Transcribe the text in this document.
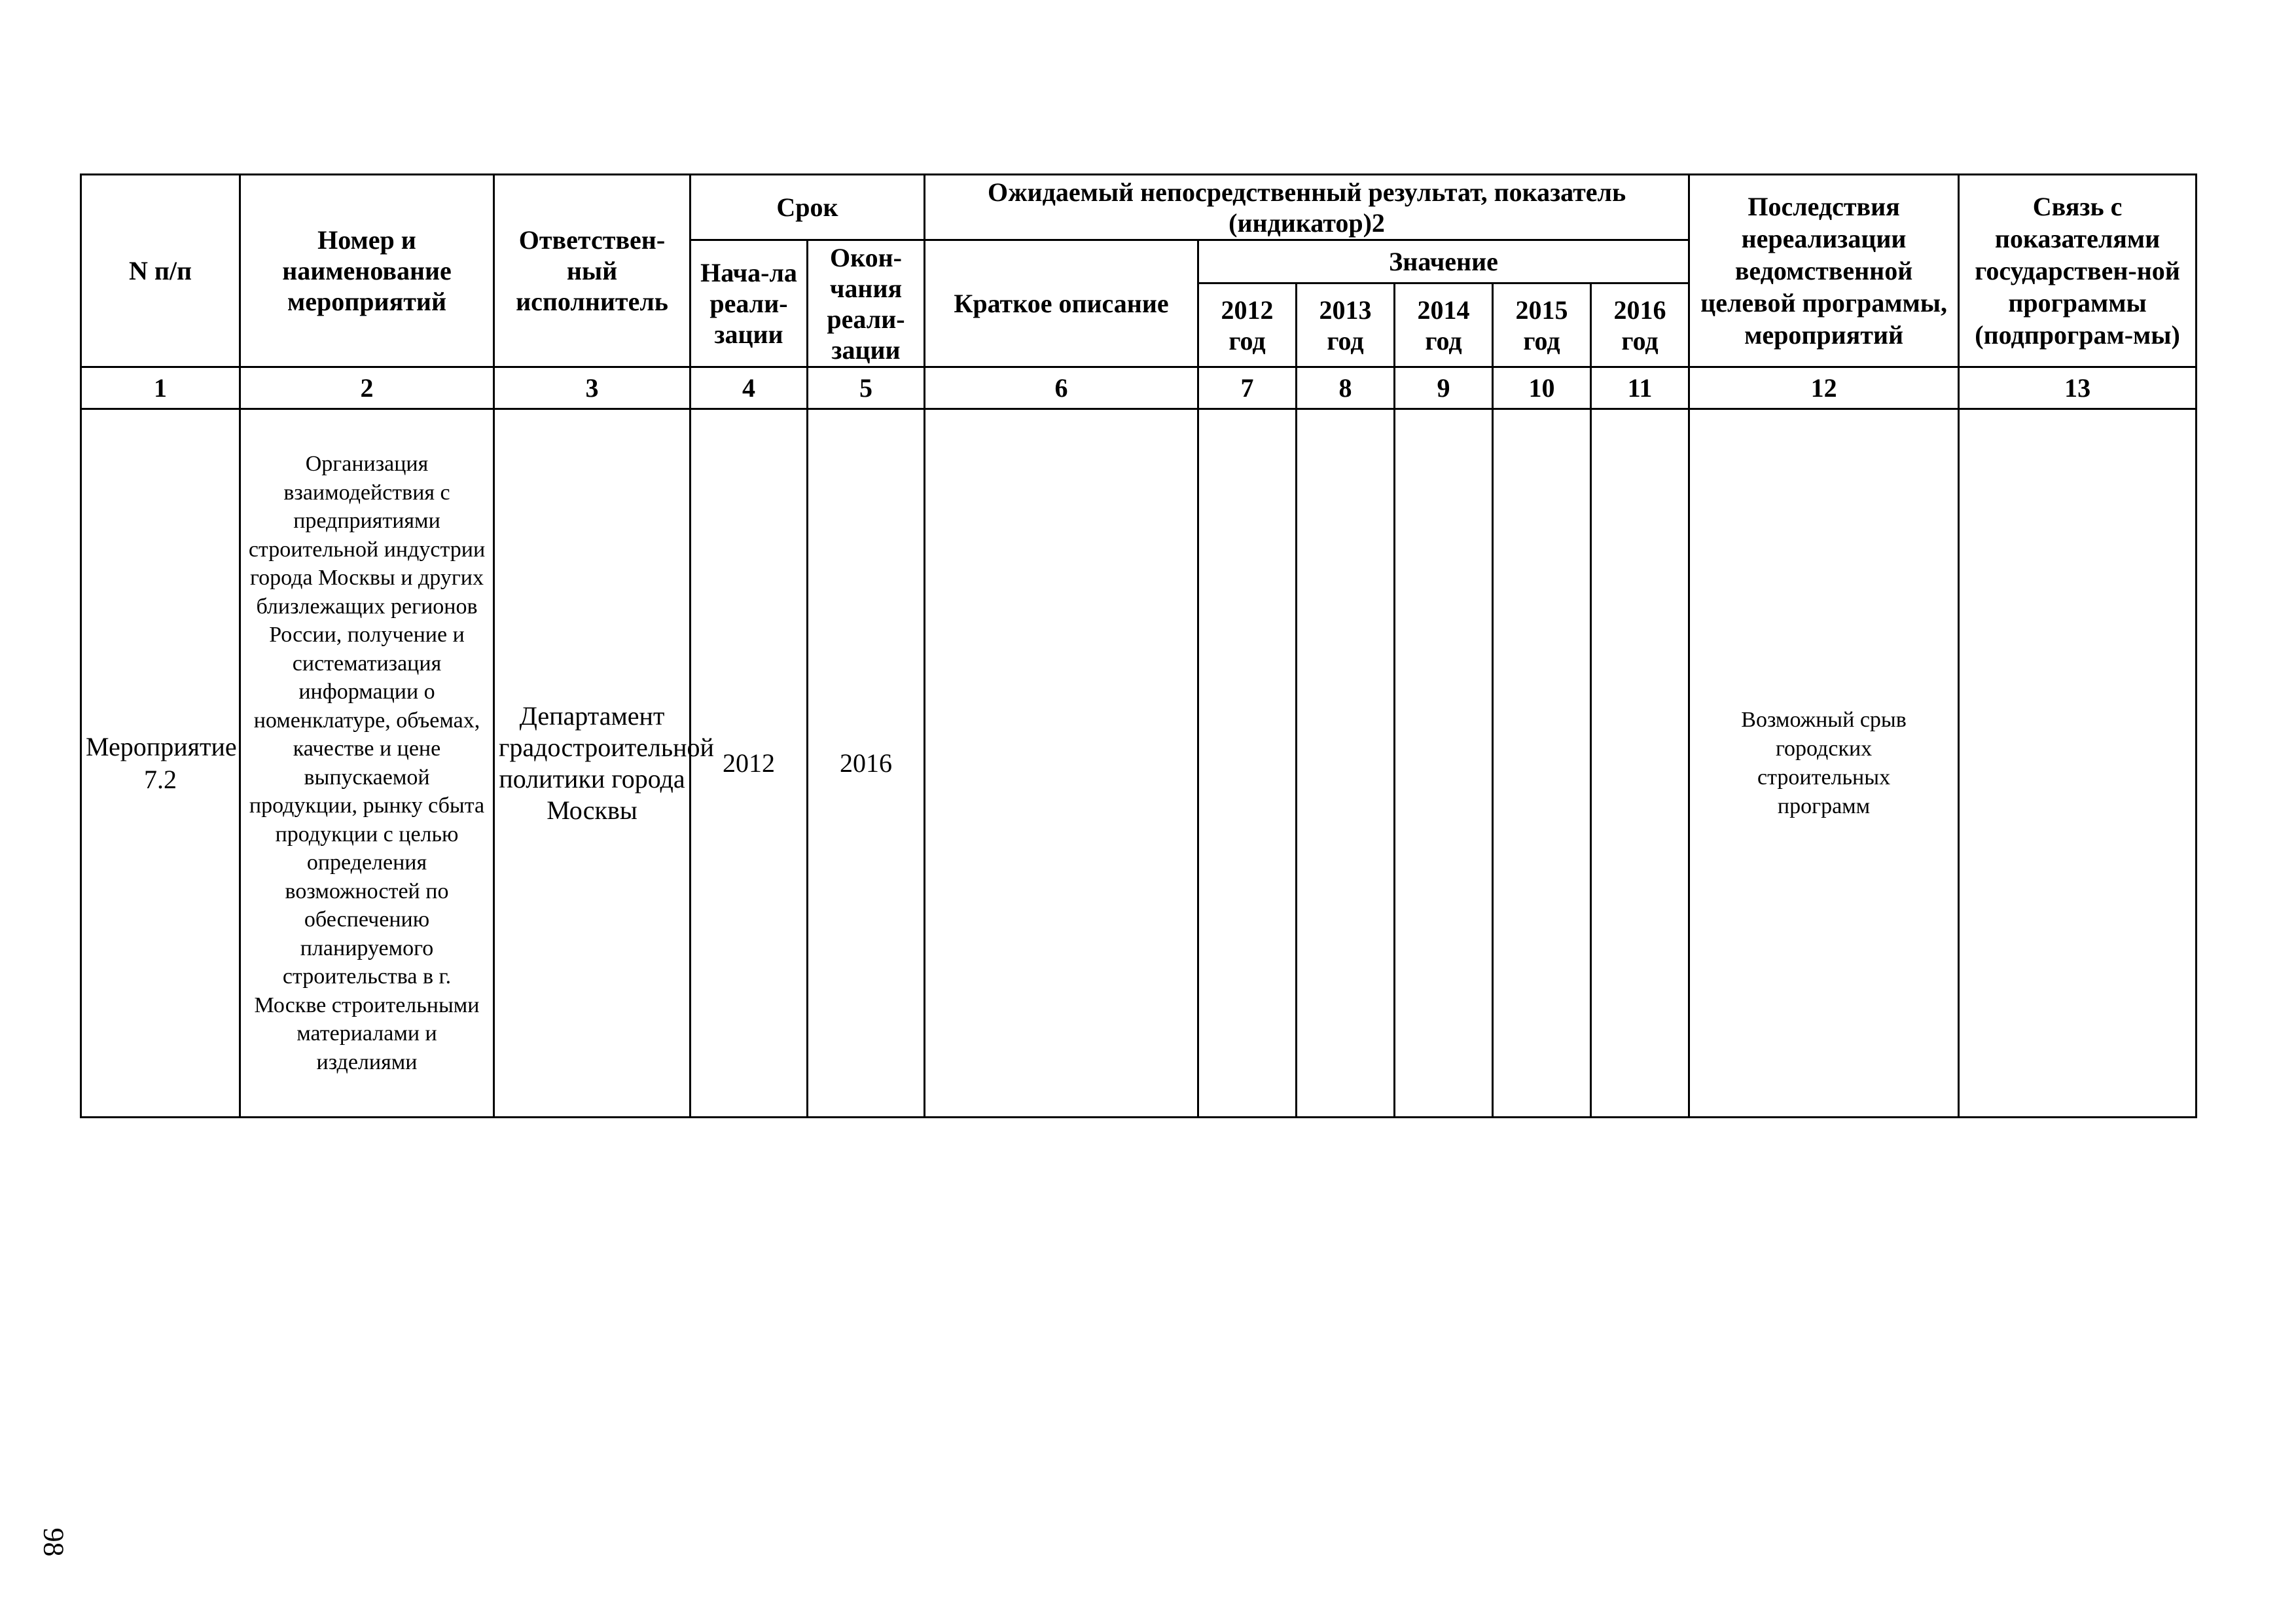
N п/п	Номер и наименование мероприятий	Ответствен-ный исполнитель	Срок		Ожидаемый непосредственный результат, показатель (индикатор)2						Последствия нереализации ведомственной целевой программы, мероприятий	Связь с показателями государствен-ной программы (подпрограм-мы)
			Нача-ла реали-зации	Окон-чания реали-зации	Краткое описание	Значение						
						2012 год	2013 год	2014 год	2015 год	2016 год		
1	2	3	4	5	6	7	8	9	10	11	12	13
Мероприятие 7.2	Организация взаимодействия с предприятиями строительной индустрии города Москвы и других близлежащих регионов России, получение и систематизация информации о номенклатуре, объемах, качестве и цене выпускаемой продукции, рынку сбыта продукции с целью определения возможностей по обеспечению планируемого строительства в г. Москве строительными материалами и изделиями	Департамент градостроительной политики города Москвы	2012	2016							Возможный срыв городских строительных программ	
98
